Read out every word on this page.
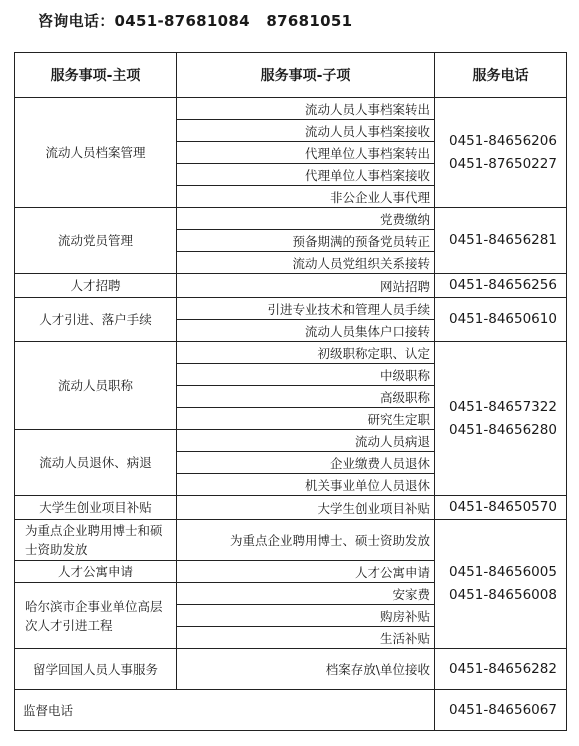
咨询电话：0451-87681084   87681051
服务事项-主项	服务事项-子项	服务电话
流动人员档案管理	流动人员人事档案转出	0451-84656206
0451-87650227

	流动人员人事档案接收	
	代理单位人事档案转出	
	代理单位人事档案接收	
	非公企业人事代理	
流动党员管理	党费缴纳	0451-84656281

	预备期满的预备党员转正	
	流动人员党组织关系接转	
人才招聘	网站招聘	0451-84656256

人才引进、落户手续	引进专业技术和管理人员手续	0451-84650610

	流动人员集体户口接转	
流动人员职称	初级职称定职、认定	0451-84657322
0451-84656280

	中级职称	
	高级职称	
	研究生定职	
流动人员退休、病退	流动人员病退	
	企业缴费人员退休	
	机关事业单位人员退休	
大学生创业项目补贴	大学生创业项目补贴	0451-84650570

为重点企业聘用博士和硕士资助发放	为重点企业聘用博士、硕士资助发放	0451-84656005
0451-84656008

人才公寓申请	人才公寓申请	
哈尔滨市企事业单位高层次人才引进工程	安家费	
	购房补贴	
	生活补贴	
留学回国人员人事服务	档案存放\单位接收	0451-84656282

监督电话		0451-84656067
